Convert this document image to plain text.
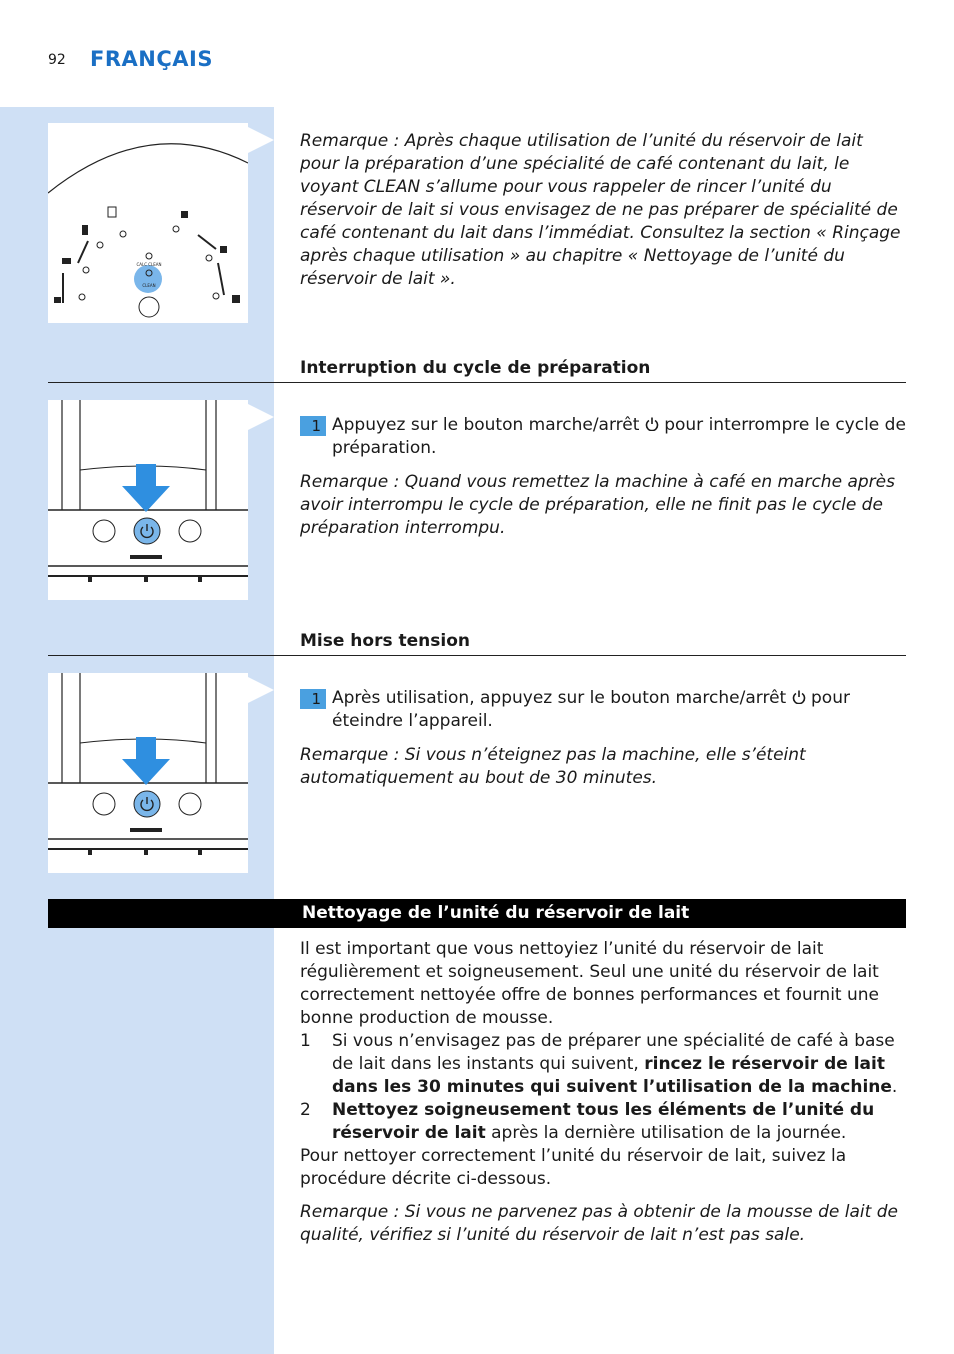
92 FRANÇAIS
CALC CLEAN
CLEAN
Remarque : Après chaque utilisation de l’unité du réservoir de lait pour la préparation d’une spécialité de café contenant du lait, le voyant CLEAN s’allume pour vous rappeler de rincer l’unité du réservoir de lait si vous envisagez de ne pas préparer de spécialité de café contenant du lait dans l’immédiat. Consultez la section « Rinçage après chaque utilisation » au chapitre « Nettoyage de l’unité du réservoir de lait ».
Interruption du cycle de préparation
1 Appuyez sur le bouton marche/arrêt  pour interrompre le cycle de préparation.
Remarque : Quand vous remettez la machine à café en marche après avoir interrompu le cycle de préparation, elle ne finit pas le cycle de préparation interrompu.
Mise hors tension
1 Après utilisation, appuyez sur le bouton marche/arrêt  pour éteindre l’appareil.
Remarque : Si vous n’éteignez pas la machine, elle s’éteint automatiquement au bout de 30 minutes.
Nettoyage de l’unité du réservoir de lait
Il est important que vous nettoyiez l’unité du réservoir de lait régulièrement et soigneusement. Seul une unité du réservoir de lait correctement nettoyée offre de bonnes performances et fournit une bonne production de mousse.
1 Si vous n’envisagez pas de préparer une spécialité de café à base de lait dans les instants qui suivent, rincez le réservoir de lait dans les 30 minutes qui suivent l’utilisation de la machine.
2 Nettoyez soigneusement tous les éléments de l’unité du réservoir de lait après la dernière utilisation de la journée.
Pour nettoyer correctement l’unité du réservoir de lait, suivez la procédure décrite ci-dessous.
Remarque : Si vous ne parvenez pas à obtenir de la mousse de lait de qualité, vérifiez si l’unité du réservoir de lait n’est pas sale.
